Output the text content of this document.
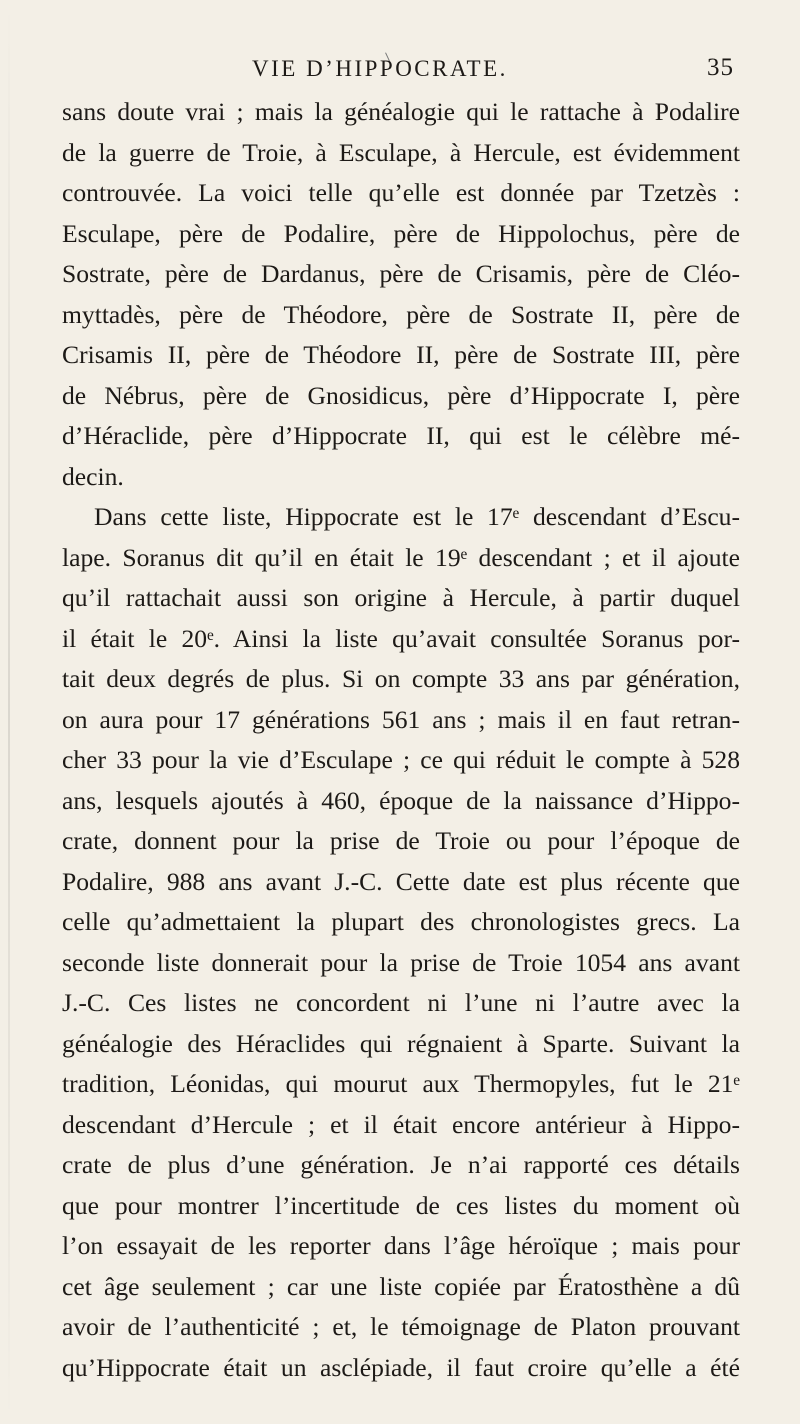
VIE D’HIPPOCRATE.	35
sans doute vrai ; mais la généalogie qui le rattache à Podalire
de la guerre de Troie, à Esculape, à Hercule, est évidemment
controuvée. La voici telle qu’elle est donnée par Tzetzès :
Esculape, père de Podalire, père de Hippolochus, père de
Sostrate, père de Dardanus, père de Crisamis, père de Cléo-
myttadès, père de Théodore, père de Sostrate II, père de
Crisamis II, père de Théodore II, père de Sostrate III, père
de Nébrus, père de Gnosidicus, père d’Hippocrate I, père
d’Héraclide, père d’Hippocrate II, qui est le célèbre mé-
decin.
Dans cette liste, Hippocrate est le 17ᵉ descendant d’Escu-
lape. Soranus dit qu’il en était le 19ᵉ descendant ; et il ajoute
qu’il rattachait aussi son origine à Hercule, à partir duquel
il était le 20ᵉ. Ainsi la liste qu’avait consultée Soranus por-
tait deux degrés de plus. Si on compte 33 ans par génération,
on aura pour 17 générations 561 ans ; mais il en faut retran-
cher 33 pour la vie d’Esculape ; ce qui réduit le compte à 528
ans, lesquels ajoutés à 460, époque de la naissance d’Hippo-
crate, donnent pour la prise de Troie ou pour l’époque de
Podalire, 988 ans avant J.-C. Cette date est plus récente que
celle qu’admettaient la plupart des chronologistes grecs. La
seconde liste donnerait pour la prise de Troie 1054 ans avant
J.-C. Ces listes ne concordent ni l’une ni l’autre avec la
généalogie des Héraclides qui régnaient à Sparte. Suivant la
tradition, Léonidas, qui mourut aux Thermopyles, fut le 21ᵉ
descendant d’Hercule ; et il était encore antérieur à Hippo-
crate de plus d’une génération. Je n’ai rapporté ces détails
que pour montrer l’incertitude de ces listes du moment où
l’on essayait de les reporter dans l’âge héroïque ; mais pour
cet âge seulement ; car une liste copiée par Ératosthène a dû
avoir de l’authenticité ; et, le témoignage de Platon prouvant
qu’Hippocrate était un asclépiade, il faut croire qu’elle a été
